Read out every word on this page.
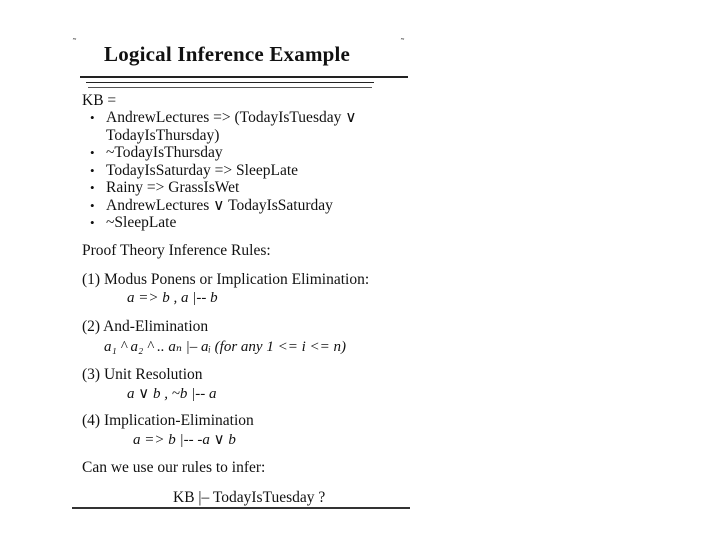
˜	˜
Logical Inference Example
KB =
• AndrewLectures => (TodayIsTuesday ∨ TodayIsThursday)
• ~TodayIsThursday
• TodayIsSaturday => SleepLate
• Rainy => GrassIsWet
• AndrewLectures ∨ TodayIsSaturday
• ~SleepLate
Proof Theory Inference Rules:
(1) Modus Ponens or Implication Elimination:
a => b , a |-- b
(2) And-Elimination
a₁ ^ a₂ ^ .. aₙ |– aᵢ (for any 1 <= i <= n)
(3) Unit Resolution
a ∨ b , ~b |-- a
(4) Implication-Elimination
a => b |-- -a ∨ b
Can we use our rules to infer:
KB |– TodayIsTuesday ?
